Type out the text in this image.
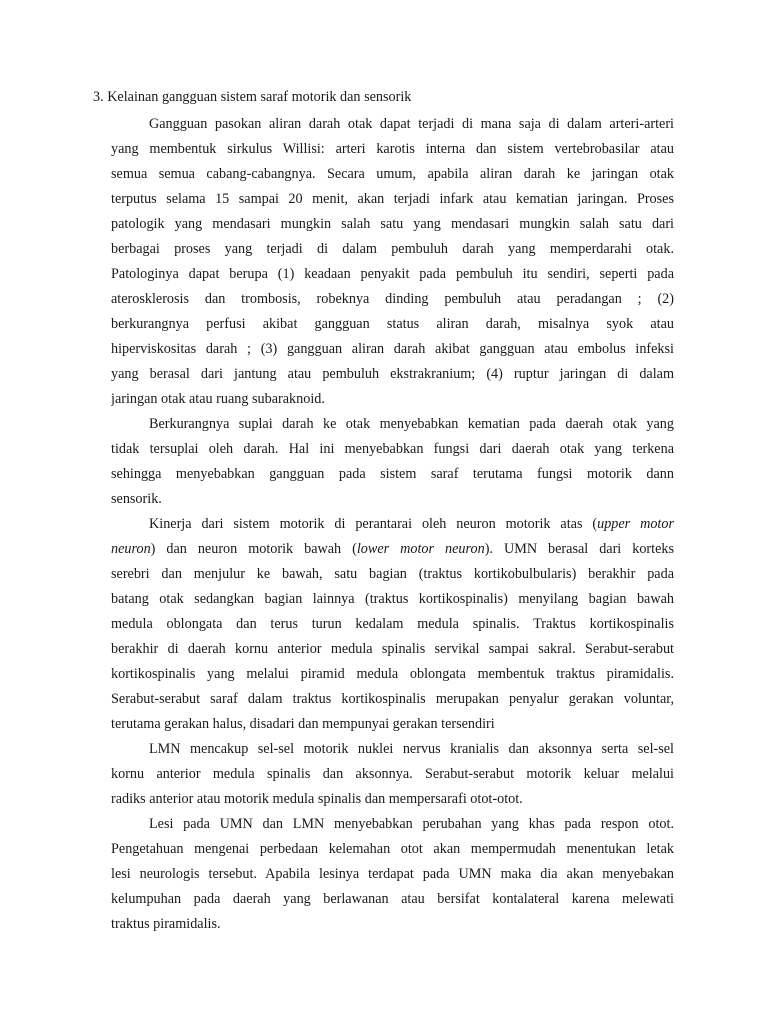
3. Kelainan gangguan sistem saraf motorik dan sensorik
Gangguan pasokan aliran darah otak dapat terjadi di mana saja di dalam arteri-arteri
yang membentuk sirkulus Willisi: arteri karotis interna dan sistem vertebrobasilar atau
semua semua cabang-cabangnya. Secara umum, apabila aliran darah ke jaringan otak
terputus selama 15 sampai 20 menit, akan terjadi infark atau kematian jaringan. Proses
patologik yang mendasari mungkin salah satu yang mendasari mungkin salah satu dari
berbagai proses yang terjadi di dalam pembuluh darah yang memperdarahi otak.
Patologinya dapat berupa (1) keadaan penyakit pada pembuluh itu sendiri, seperti pada
aterosklerosis dan trombosis, robeknya dinding pembuluh atau peradangan ; (2)
berkurangnya perfusi akibat gangguan status aliran darah, misalnya syok atau
hiperviskositas darah ; (3) gangguan aliran darah akibat gangguan atau embolus infeksi
yang berasal dari jantung atau pembuluh ekstrakranium; (4) ruptur jaringan di dalam
jaringan otak atau ruang subaraknoid.
Berkurangnya suplai darah ke otak menyebabkan kematian pada daerah otak yang
tidak tersuplai oleh darah. Hal ini menyebabkan fungsi dari daerah otak yang terkena
sehingga menyebabkan gangguan pada sistem saraf terutama fungsi motorik dann
sensorik.
Kinerja dari sistem motorik di perantarai oleh neuron motorik atas (upper motor
neuron) dan neuron motorik bawah (lower motor neuron). UMN berasal dari korteks
serebri dan menjulur ke bawah, satu bagian (traktus kortikobulbularis) berakhir pada
batang otak sedangkan bagian lainnya (traktus kortikospinalis) menyilang bagian bawah
medula oblongata dan terus turun kedalam medula spinalis. Traktus kortikospinalis
berakhir di daerah kornu anterior medula spinalis servikal sampai sakral. Serabut-serabut
kortikospinalis yang melalui piramid medula oblongata membentuk traktus piramidalis.
Serabut-serabut saraf dalam traktus kortikospinalis merupakan penyalur gerakan voluntar,
terutama gerakan halus, disadari dan mempunyai gerakan tersendiri
LMN mencakup sel-sel motorik nuklei nervus kranialis dan aksonnya serta sel-sel
kornu anterior medula spinalis dan aksonnya. Serabut-serabut motorik keluar melalui
radiks anterior atau motorik medula spinalis dan mempersarafi otot-otot.
Lesi pada UMN dan LMN menyebabkan perubahan yang khas pada respon otot.
Pengetahuan mengenai perbedaan kelemahan otot akan mempermudah menentukan letak
lesi neurologis tersebut. Apabila lesinya terdapat pada UMN maka dia akan menyebakan
kelumpuhan pada daerah yang berlawanan atau bersifat kontalateral karena melewati
traktus piramidalis.
